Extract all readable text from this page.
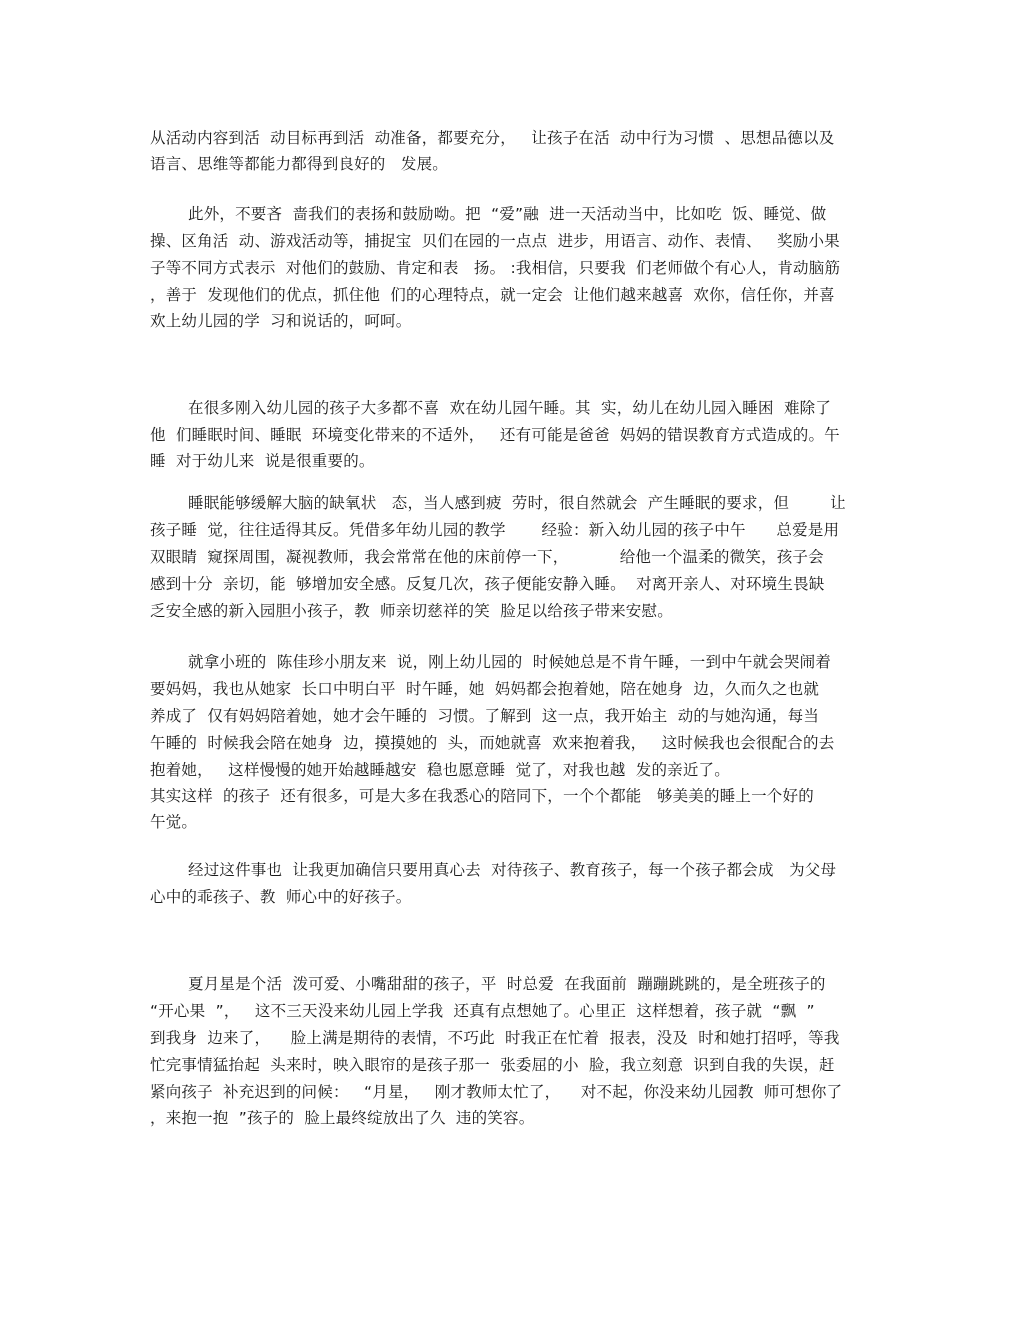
从活动内容到活  动目标再到活  动准备，都要充分，   让孩子在活  动中行为习惯  、思想品德以及
语言、思维等都能力都得到良好的   发展。
此外，不要吝  啬我们的表扬和鼓励呦。把  “爱”融  进一天活动当中，比如吃  饭、睡觉、做
操、区角活  动、游戏活动等，捕捉宝  贝们在园的一点点  进步，用语言、动作、表情、   奖励小果
子等不同方式表示  对他们的鼓励、肯定和表   扬。 :我相信，只要我  们老师做个有心人，肯动脑筋
，善于  发现他们的优点，抓住他  们的心理特点，就一定会  让他们越来越喜  欢你，信任你，并喜
欢上幼儿园的学  习和说话的，呵呵。
在很多刚入幼儿园的孩子大多都不喜  欢在幼儿园午睡。其  实，幼儿在幼儿园入睡困  难除了
他  们睡眠时间、睡眠  环境变化带来的不适外，   还有可能是爸爸  妈妈的错误教育方式造成的。午
睡  对于幼儿来  说是很重要的。
睡眠能够缓解大脑的缺氧状   态，当人感到疲  劳时，很自然就会  产生睡眠的要求，但        让
孩子睡  觉，往往适得其反。凭借多年幼儿园的教学       经验：新入幼儿园的孩子中午      总爱是用
双眼睛  窥探周围，凝视教师，我会常常在他的床前停一下，          给他一个温柔的微笑，孩子会
感到十分  亲切，能  够增加安全感。反复几次，孩子便能安静入睡。  对离开亲人、对环境生畏缺
乏安全感的新入园胆小孩子，教  师亲切慈祥的笑  脸足以给孩子带来安慰。
就拿小班的  陈佳珍小朋友来  说，刚上幼儿园的  时候她总是不肯午睡，一到中午就会哭闹着
要妈妈，我也从她家  长口中明白平  时午睡，她  妈妈都会抱着她，陪在她身  边，久而久之也就
养成了  仅有妈妈陪着她，她才会午睡的  习惯。了解到  这一点，我开始主  动的与她沟通，每当
午睡的  时候我会陪在她身  边，摸摸她的  头，而她就喜  欢来抱着我，   这时候我也会很配合的去
抱着她，   这样慢慢的她开始越睡越安  稳也愿意睡  觉了，对我也越  发的亲近了。
其实这样  的孩子  还有很多，可是大多在我悉心的陪同下，一个个都能   够美美的睡上一个好的
午觉。
经过这件事也  让我更加确信只要用真心去  对待孩子、教育孩子，每一个孩子都会成   为父母
心中的乖孩子、教  师心中的好孩子。
夏月星是个活  泼可爱、小嘴甜甜的孩子，平  时总爱  在我面前  蹦蹦跳跳的，是全班孩子的
“开心果  ”，   这不三天没来幼儿园上学我  还真有点想她了。心里正  这样想着，孩子就  “飘  ”
到我身  边来了，    脸上满是期待的表情，不巧此  时我正在忙着  报表，没及  时和她打招呼，等我
忙完事情猛抬起  头来时，映入眼帘的是孩子那一  张委屈的小  脸，我立刻意  识到自我的失误，赶
紧向孩子  补充迟到的问候：   “月星，   刚才教师太忙了，    对不起，你没来幼儿园教  师可想你了
，来抱一抱  ”孩子的  脸上最终绽放出了久  违的笑容。
